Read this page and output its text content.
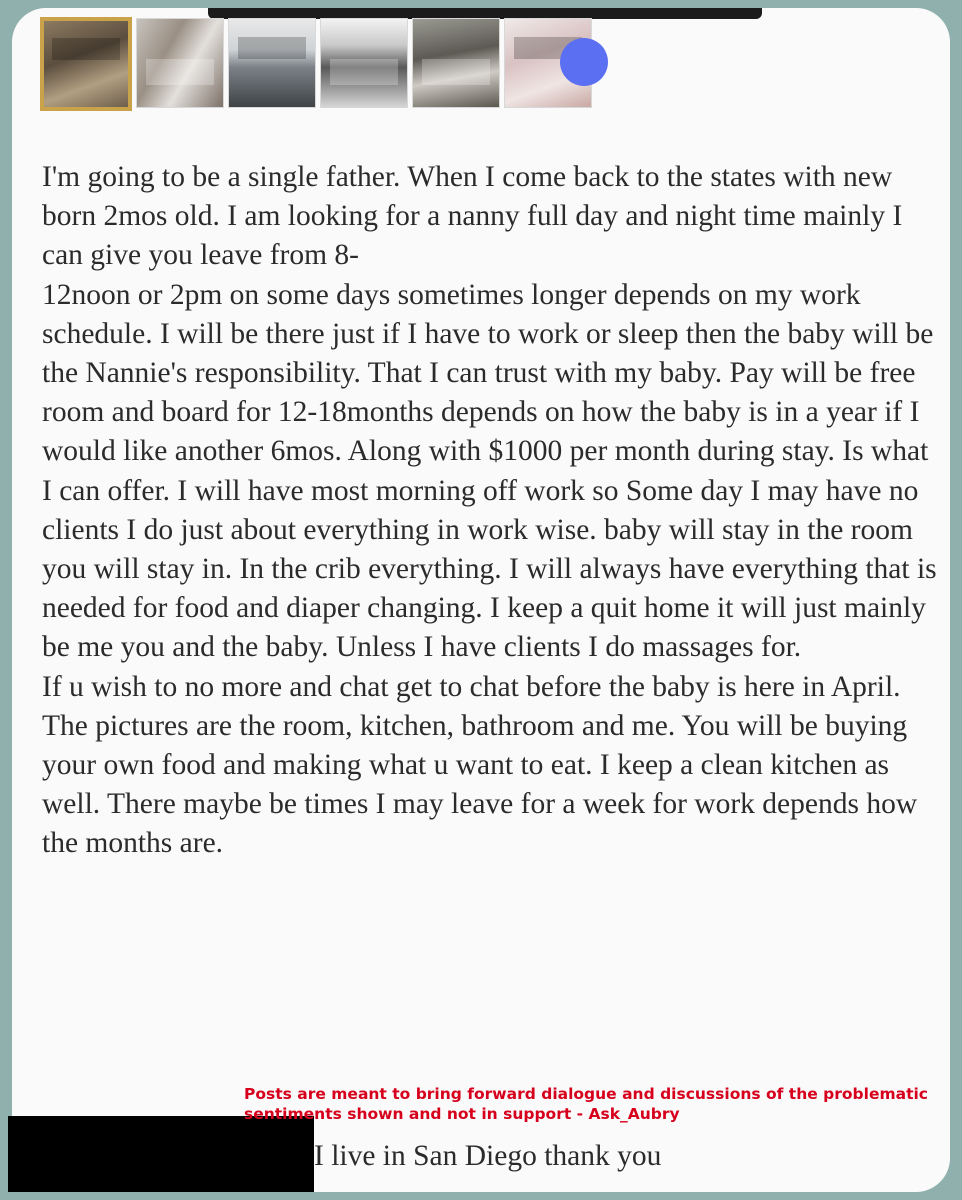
I'm going to be a single father. When I come back to the states with new born 2mos old. I am looking for a nanny full day and night time mainly I can give you leave from 8-
12noon or 2pm on some days sometimes longer depends on my work schedule. I will be there just if I have to work or sleep then the baby will be the Nannie's responsibility. That I can trust with my baby. Pay will be free room and board for 12-18months depends on how the baby is in a year if I would like another 6mos. Along with $1000 per month during stay. Is what I can offer. I will have most morning off work so Some day I may have no clients I do just about everything in work wise. baby will stay in the room you will stay in. In the crib everything. I will always have everything that is needed for food and diaper changing. I keep a quit home it will just mainly be me you and the baby. Unless I have clients I do massages for.
If u wish to no more and chat get to chat before the baby is here in April. The pictures are the room, kitchen, bathroom and me. You will be buying your own food and making what u want to eat. I keep a clean kitchen as well. There maybe be times I may leave for a week for work depends how the months are.
Posts are meant to bring forward dialogue and discussions of the problematic sentiments shown and not in support - Ask_Aubry
I live in San Diego thank you
